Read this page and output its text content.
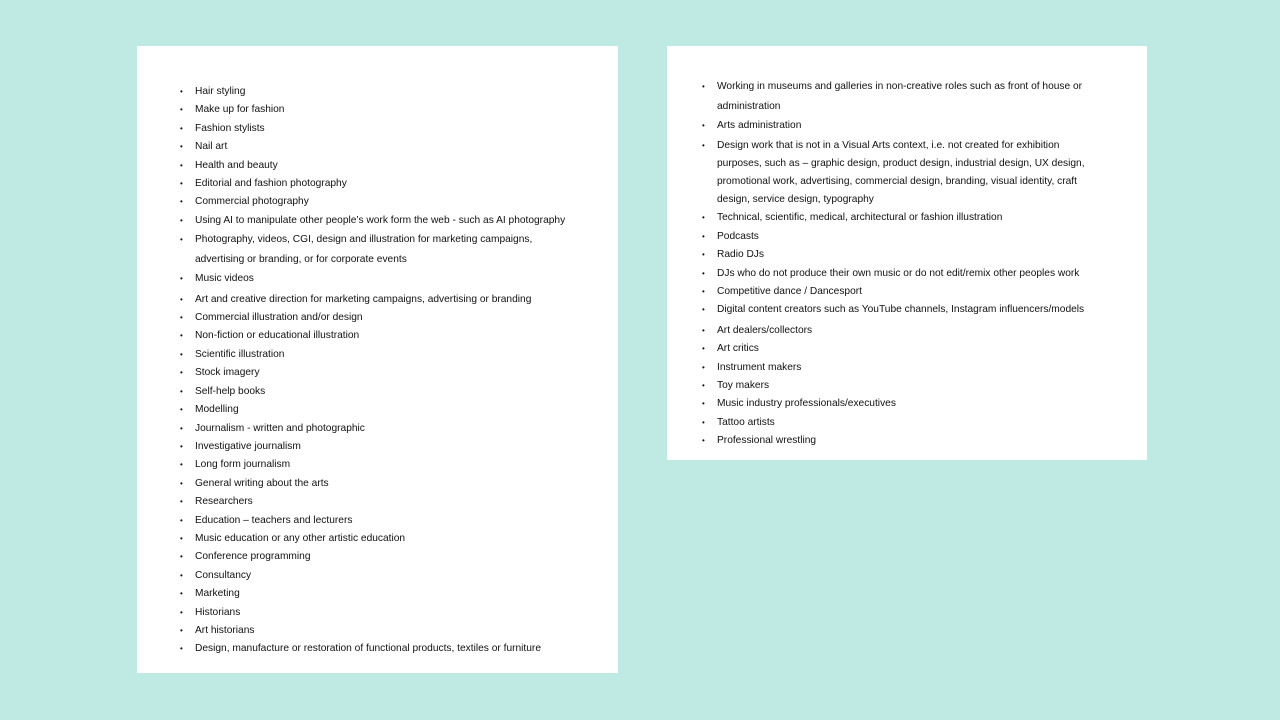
• Hair styling
• Make up for fashion
• Fashion stylists
• Nail art
• Health and beauty
• Editorial and fashion photography
• Commercial photography
• Using AI to manipulate other people’s work form the web - such as AI photography
• Photography, videos, CGI, design and illustration for marketing campaigns, advertising or branding, or for corporate events
• Music videos
• Art and creative direction for marketing campaigns, advertising or branding
• Commercial illustration and/or design
• Non-fiction or educational illustration
• Scientific illustration
• Stock imagery
• Self-help books
• Modelling
• Journalism - written and photographic
• Investigative journalism
• Long form journalism
• General writing about the arts
• Researchers
• Education – teachers and lecturers
• Music education or any other artistic education
• Conference programming
• Consultancy
• Marketing
• Historians
• Art historians
• Design, manufacture or restoration of functional products, textiles or furniture
• Working in museums and galleries in non-creative roles such as front of house or administration
• Arts administration
• Design work that is not in a Visual Arts context, i.e. not created for exhibition purposes, such as – graphic design, product design, industrial design, UX design, promotional work, advertising, commercial design, branding, visual identity, craft design, service design, typography
• Technical, scientific, medical, architectural or fashion illustration
• Podcasts
• Radio DJs
• DJs who do not produce their own music or do not edit/remix other peoples work
• Competitive dance / Dancesport
• Digital content creators such as YouTube channels, Instagram influencers/models
• Art dealers/collectors
• Art critics
• Instrument makers
• Toy makers
• Music industry professionals/executives
• Tattoo artists
• Professional wrestling
